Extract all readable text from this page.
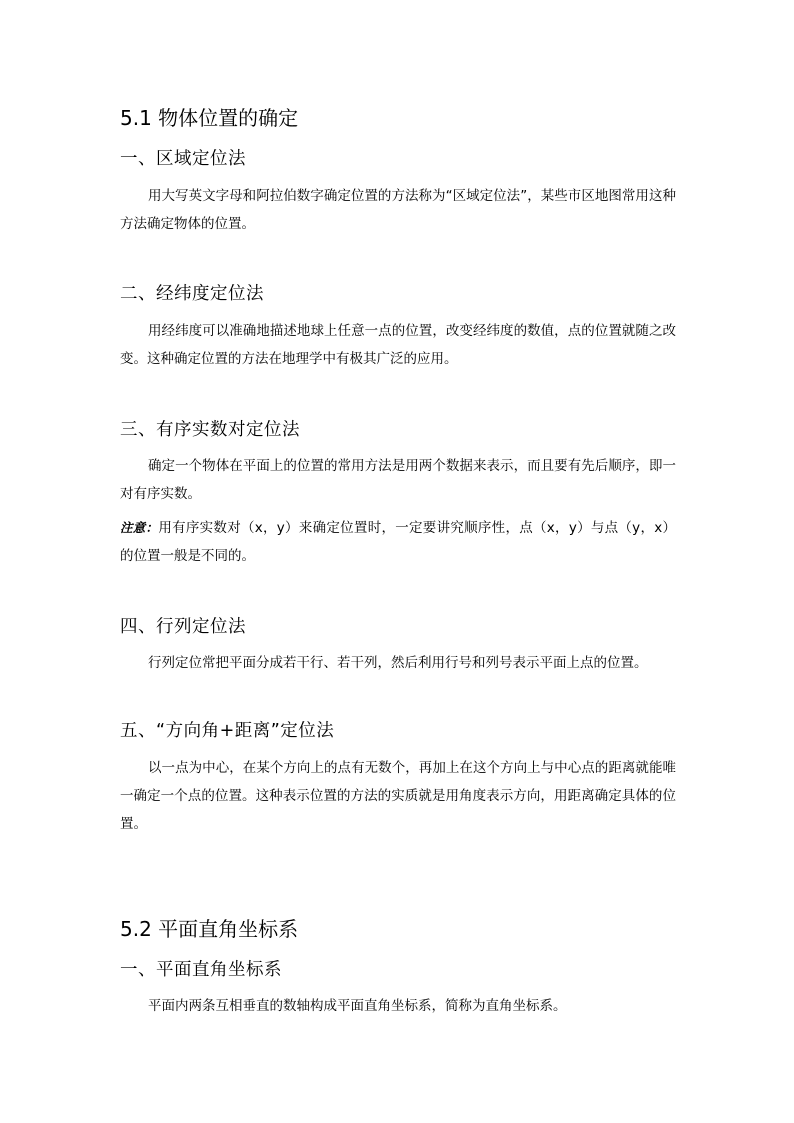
5.1 物体位置的确定
一、区域定位法
用大写英文字母和阿拉伯数字确定位置的方法称为“区域定位法”，某些市区地图常用这种方法确定物体的位置。
二、经纬度定位法
用经纬度可以准确地描述地球上任意一点的位置，改变经纬度的数值，点的位置就随之改变。这种确定位置的方法在地理学中有极其广泛的应用。
三、有序实数对定位法
确定一个物体在平面上的位置的常用方法是用两个数据来表示，而且要有先后顺序，即一对有序实数。
注意：用有序实数对（x，y）来确定位置时，一定要讲究顺序性，点（x，y）与点（y，x）的位置一般是不同的。
四、行列定位法
行列定位常把平面分成若干行、若干列，然后利用行号和列号表示平面上点的位置。
五、“方向角+距离”定位法
以一点为中心，在某个方向上的点有无数个，再加上在这个方向上与中心点的距离就能唯一确定一个点的位置。这种表示位置的方法的实质就是用角度表示方向，用距离确定具体的位置。
5.2 平面直角坐标系
一、平面直角坐标系
平面内两条互相垂直的数轴构成平面直角坐标系，简称为直角坐标系。
